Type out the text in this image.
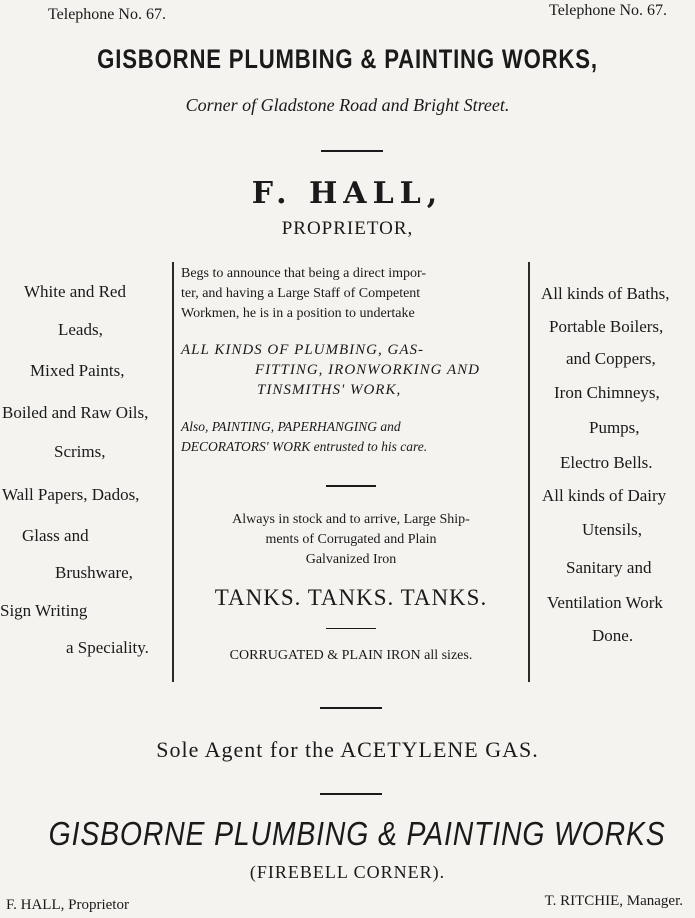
Telephone No. 67.	Telephone No. 67.
GISBORNE PLUMBING & PAINTING WORKS,
Corner of Gladstone Road and Bright Street.
F. HALL,
PROPRIETOR,
White and Red
Leads,
Mixed Paints,
Boiled and Raw Oils,
Scrims,
Wall Papers, Dados,
Glass and
Brushware,
Sign Writing
a Speciality.
Begs to announce that being a direct impor-
ter, and having a Large Staff of Competent
Workmen, he is in a position to undertake
ALL KINDS OF PLUMBING, GAS-
FITTING, IRONWORKING AND
TINSMITHS' WORK,
Also, PAINTING, PAPERHANGING and
DECORATORS' WORK entrusted to his care.
Always in stock and to arrive, Large Ship-
ments of Corrugated and Plain
Galvanized Iron
TANKS. TANKS. TANKS.
CORRUGATED & PLAIN IRON all sizes.
All kinds of Baths,
Portable Boilers,
and Coppers,
Iron Chimneys,
Pumps,
Electro Bells.
All kinds of Dairy
Utensils,
Sanitary and
Ventilation Work
Done.
Sole Agent for the ACETYLENE GAS.
GISBORNE PLUMBING & PAINTING WORKS
(FIREBELL CORNER).
F. HALL, Proprietor	T. RITCHIE, Manager.
